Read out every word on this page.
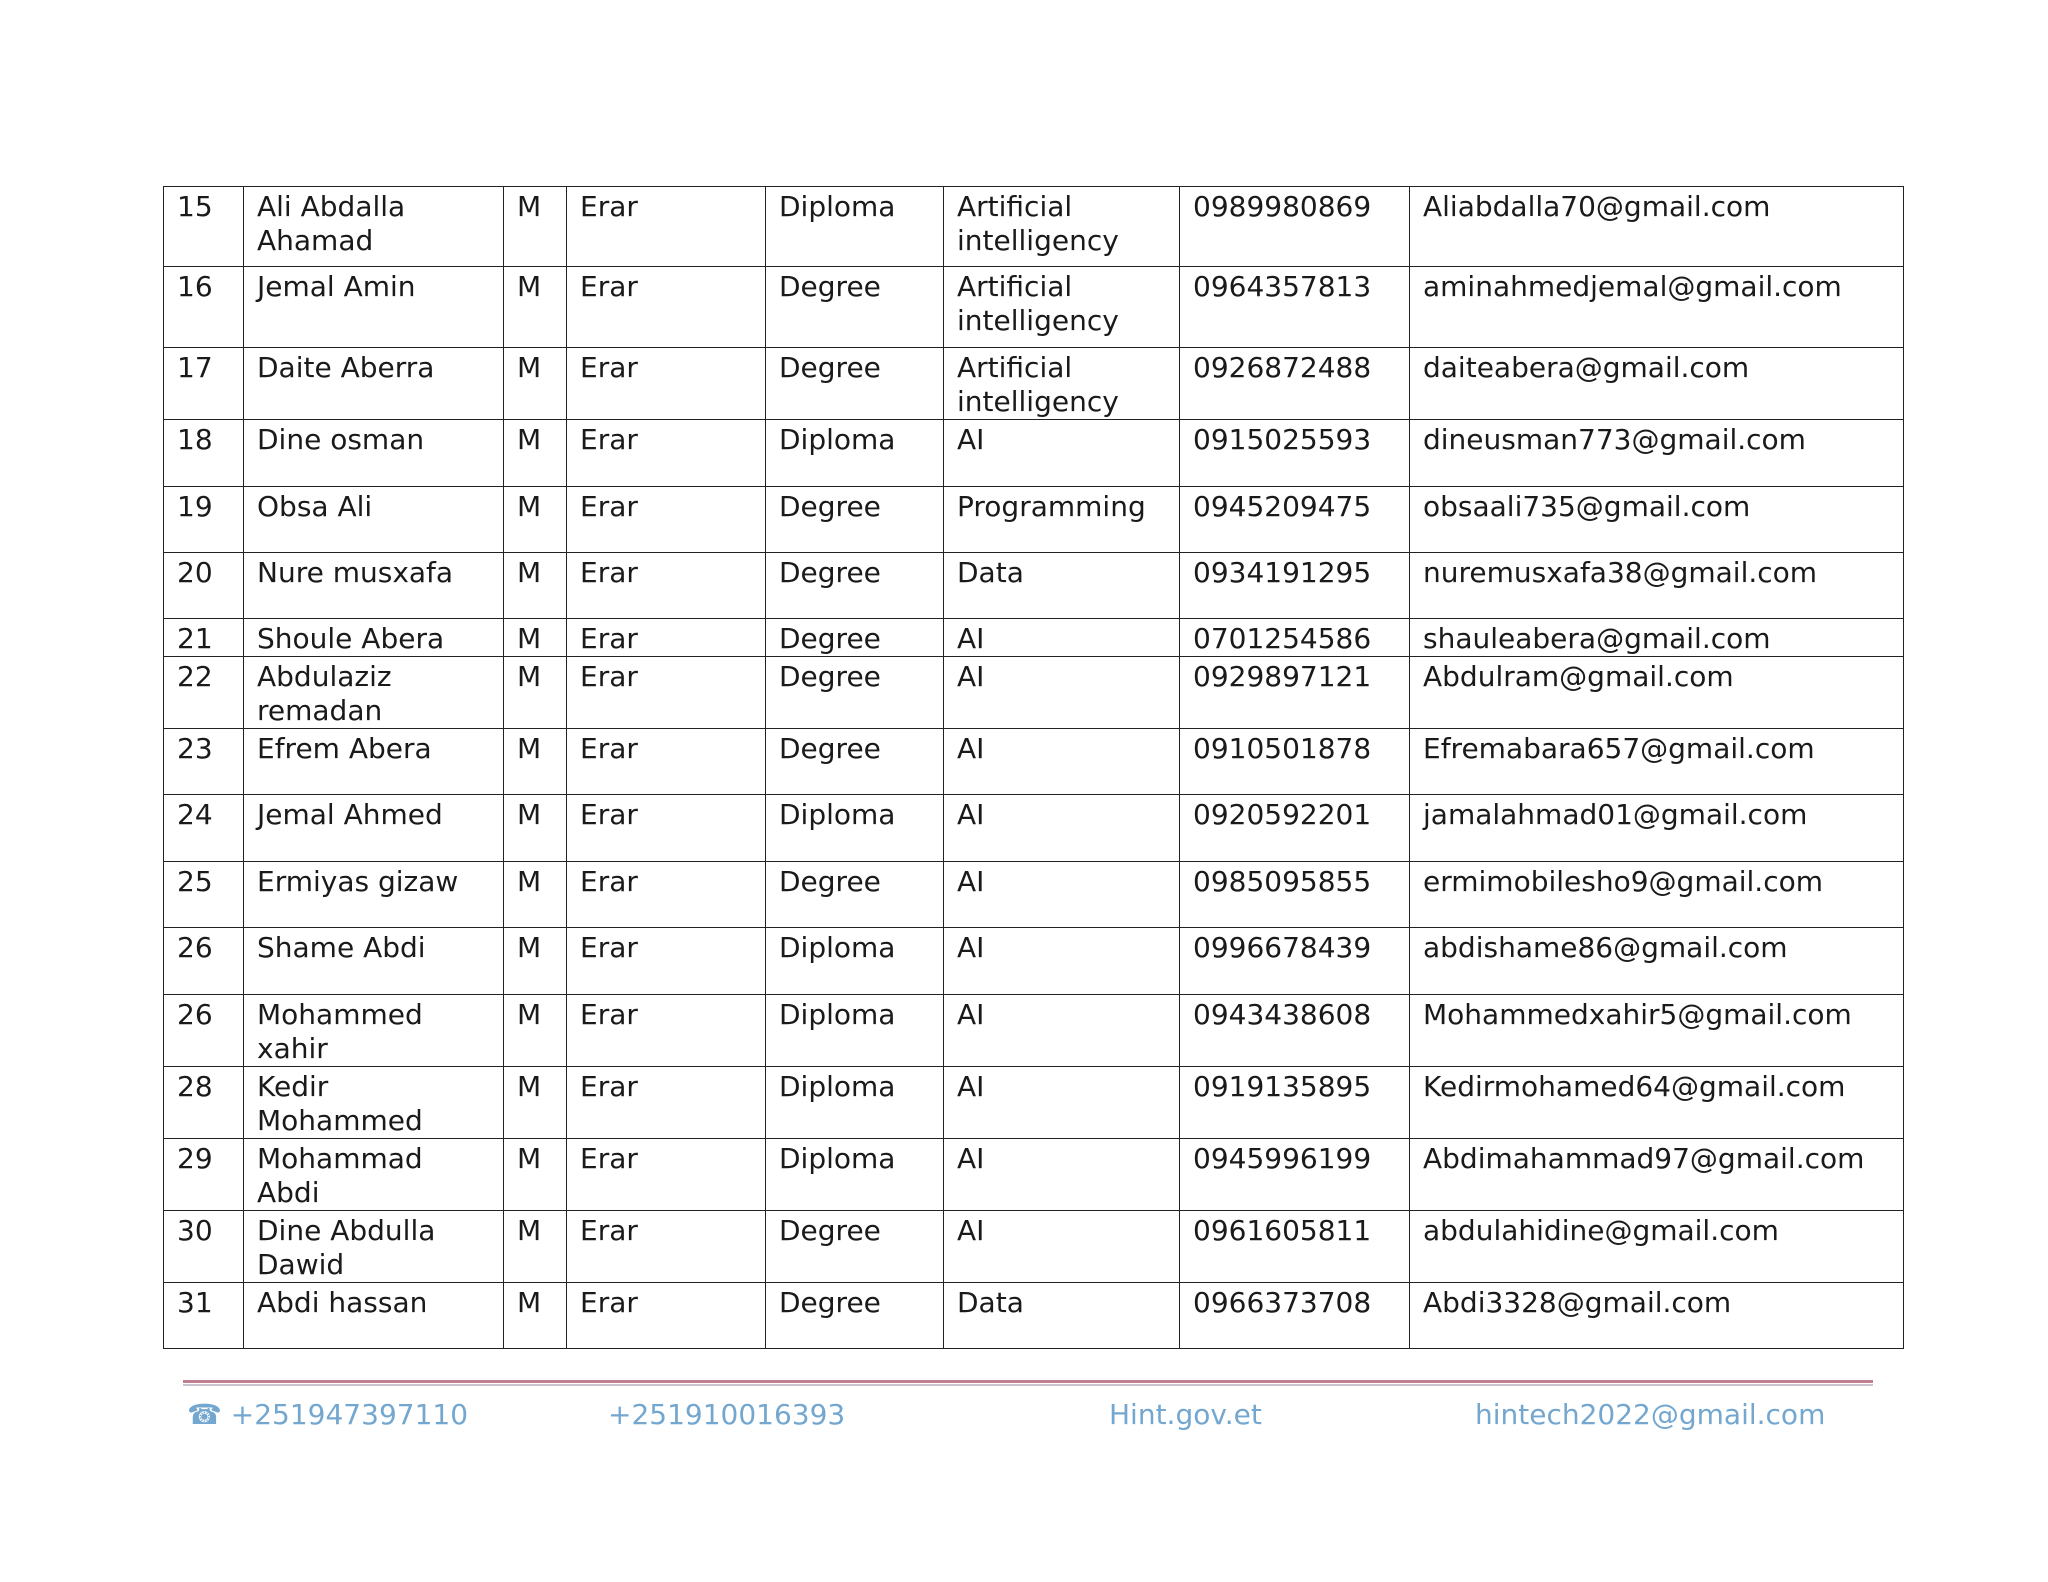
15	Ali Abdalla Ahamad	M	Erar	Diploma	Artificial intelligency	0989980869	Aliabdalla70@gmail.com
16	Jemal Amin	M	Erar	Degree	Artificial intelligency	0964357813	aminahmedjemal@gmail.com
17	Daite Aberra	M	Erar	Degree	Artificial intelligency	0926872488	daiteabera@gmail.com
18	Dine osman	M	Erar	Diploma	AI	0915025593	dineusman773@gmail.com
19	Obsa Ali	M	Erar	Degree	Programming	0945209475	obsaali735@gmail.com
20	Nure musxafa	M	Erar	Degree	Data	0934191295	nuremusxafa38@gmail.com
21	Shoule Abera	M	Erar	Degree	AI	0701254586	shauleabera@gmail.com
22	Abdulaziz remadan	M	Erar	Degree	AI	0929897121	Abdulram@gmail.com
23	Efrem Abera	M	Erar	Degree	AI	0910501878	Efremabara657@gmail.com
24	Jemal Ahmed	M	Erar	Diploma	AI	0920592201	jamalahmad01@gmail.com
25	Ermiyas gizaw	M	Erar	Degree	AI	0985095855	ermimobilesho9@gmail.com
26	Shame Abdi	M	Erar	Diploma	AI	0996678439	abdishame86@gmail.com
26	Mohammed xahir	M	Erar	Diploma	AI	0943438608	Mohammedxahir5@gmail.com
28	Kedir Mohammed	M	Erar	Diploma	AI	0919135895	Kedirmohamed64@gmail.com
29	Mohammad Abdi	M	Erar	Diploma	AI	0945996199	Abdimahammad97@gmail.com
30	Dine Abdulla Dawid	M	Erar	Degree	AI	0961605811	abdulahidine@gmail.com
31	Abdi hassan	M	Erar	Degree	Data	0966373708	Abdi3328@gmail.com
☎ +251947397110	+251910016393	Hint.gov.et	hintech2022@gmail.com
